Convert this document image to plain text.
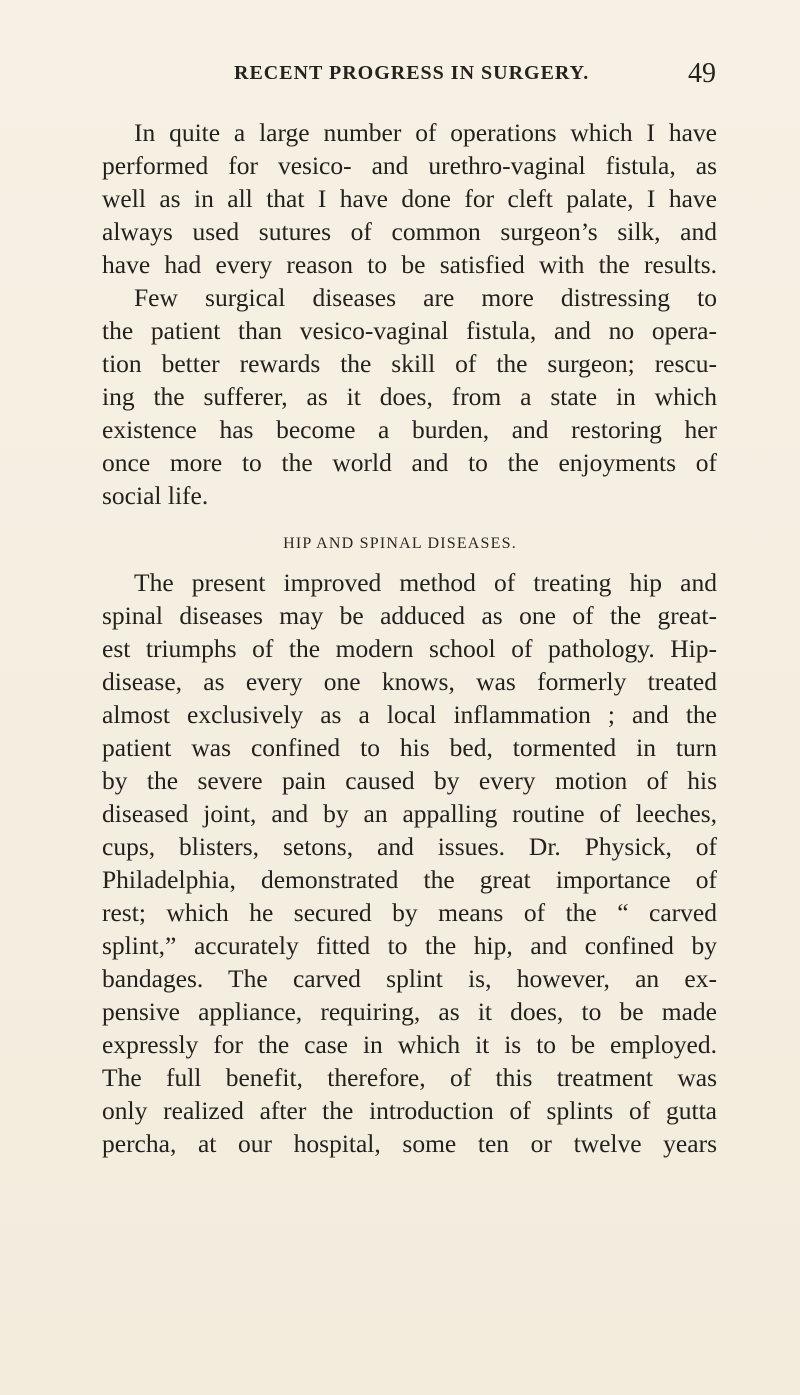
RECENT PROGRESS IN SURGERY.	49
In quite a large number of operations which I have
performed for vesico- and urethro-vaginal fistula, as
well as in all that I have done for cleft palate, I have
always used sutures of common surgeon’s silk, and
have had every reason to be satisfied with the results.
Few surgical diseases are more distressing to
the patient than vesico-vaginal fistula, and no opera-
tion better rewards the skill of the surgeon; rescu-
ing the sufferer, as it does, from a state in which
existence has become a burden, and restoring her
once more to the world and to the enjoyments of
social life.
HIP AND SPINAL DISEASES.
The present improved method of treating hip and
spinal diseases may be adduced as one of the great-
est triumphs of the modern school of pathology. Hip-
disease, as every one knows, was formerly treated
almost exclusively as a local inflammation ; and the
patient was confined to his bed, tormented in turn
by the severe pain caused by every motion of his
diseased joint, and by an appalling routine of leeches,
cups, blisters, setons, and issues. Dr. Physick, of
Philadelphia, demonstrated the great importance of
rest; which he secured by means of the “ carved
splint,” accurately fitted to the hip, and confined by
bandages. The carved splint is, however, an ex-
pensive appliance, requiring, as it does, to be made
expressly for the case in which it is to be employed.
The full benefit, therefore, of this treatment was
only realized after the introduction of splints of gutta
percha, at our hospital, some ten or twelve years
